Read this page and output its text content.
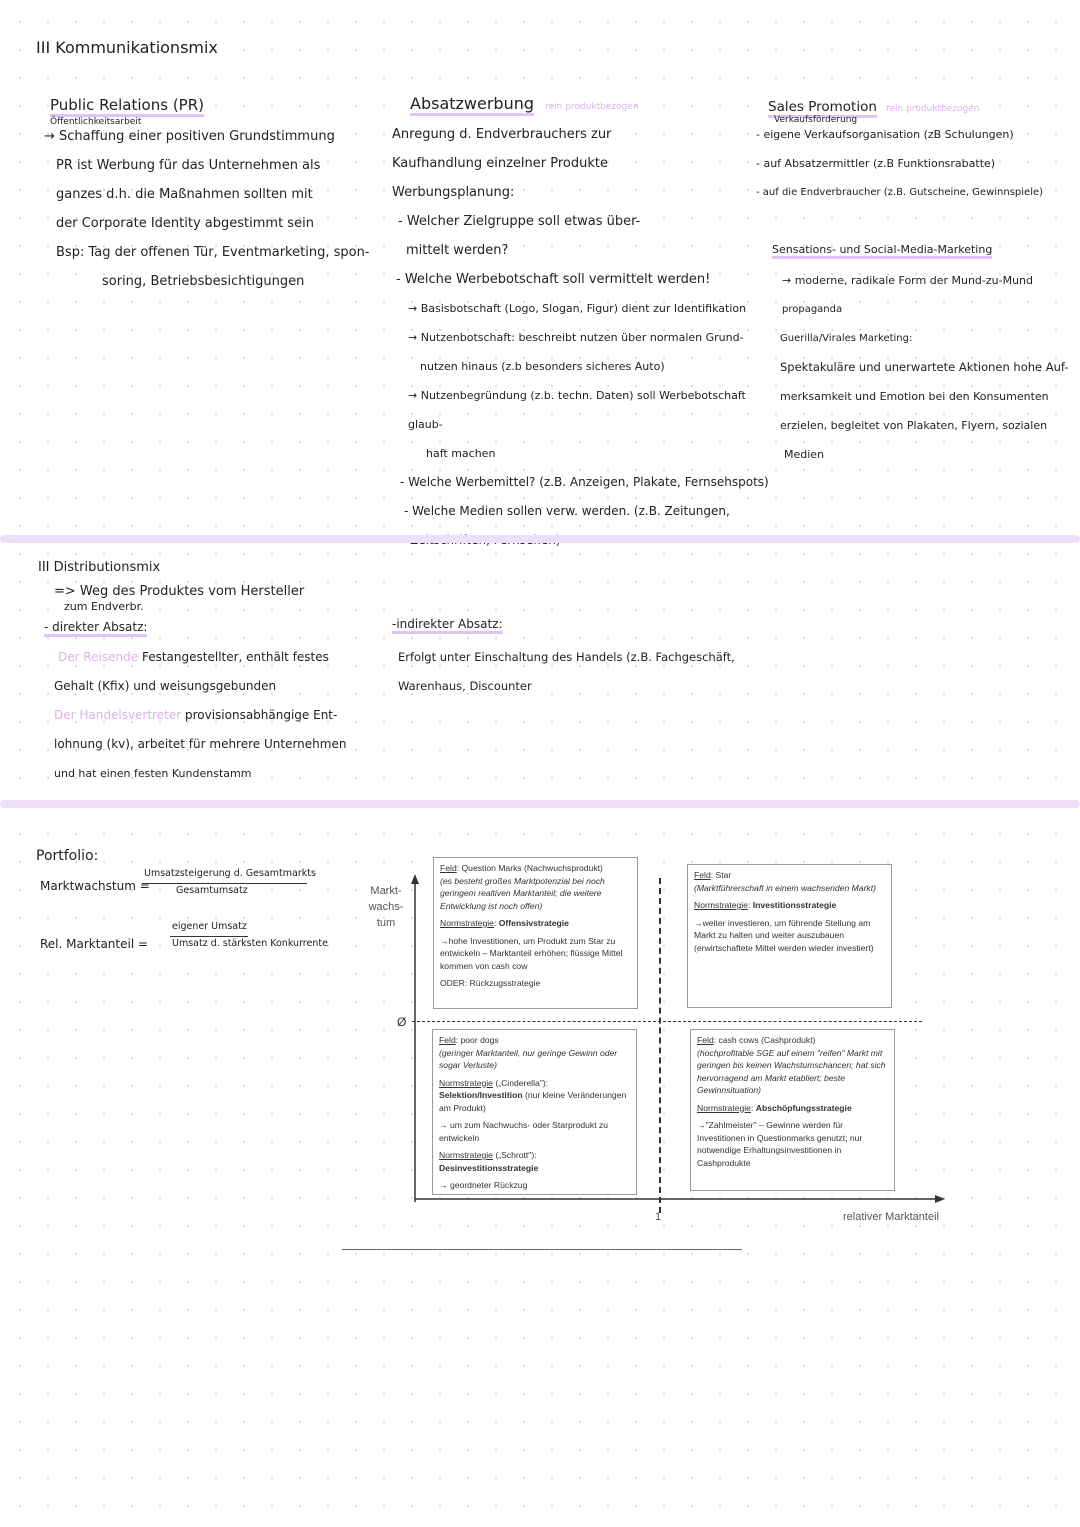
III Kommunikationsmix
Public Relations (PR)
Öffentlichkeitsarbeit
→ Schaffung einer positiven Grundstimmung
PR ist Werbung für das Unternehmen als
ganzes d.h. die Maßnahmen sollten mit
der Corporate Identity abgestimmt sein
Bsp: Tag der offenen Tür, Eventmarketing, spon-
soring, Betriebsbesichtigungen
Absatzwerbung rein produktbezogen
Anregung d. Endverbrauchers zur
Kaufhandlung einzelner Produkte
Werbungsplanung:
- Welcher Zielgruppe soll etwas über-
mittelt werden?
- Welche Werbebotschaft soll vermittelt werden!
→ Basisbotschaft (Logo, Slogan, Figur) dient zur Identifikation
→ Nutzenbotschaft: beschreibt nutzen über normalen Grund-
nutzen hinaus (z.b besonders sicheres Auto)
→ Nutzenbegründung (z.b. techn. Daten) soll Werbebotschaft glaub-
haft machen
- Welche Werbemittel? (z.B. Anzeigen, Plakate, Fernsehspots)
- Welche Medien sollen verw. werden. (z.B. Zeitungen,
Sales Promotion rein produktbezogen
Verkaufsförderung
- eigene Verkaufsorganisation (zB Schulungen)
- auf Absatzermittler (z.B Funktionsrabatte)
- auf die Endverbraucher (z.B. Gutscheine, Gewinnspiele)
Sensations- und Social-Media-Marketing
→ moderne, radikale Form der Mund-zu-Mund
propaganda
Guerilla/Virales Marketing:
Spektakuläre und unerwartete Aktionen hohe Auf-
merksamkeit und Emotion bei den Konsumenten
erzielen, begleitet von Plakaten, Flyern, sozialen
Medien
III Distributionsmix
=> Weg des Produktes vom Hersteller
zum Endverbr.
- direkter Absatz:
Der Reisende Festangestellter, enthält festes
Gehalt (Kfix) und weisungsgebunden
Der Handelsvertreter provisionsabhängige Ent-
lohnung (kv), arbeitet für mehrere Unternehmen
und hat einen festen Kundenstamm
-indirekter Absatz:
Erfolgt unter Einschaltung des Handels (z.B. Fachgeschäft,
Warenhaus, Discounter
Portfolio:
Marktwachstum =
Umsatzsteigerung d. Gesamtmarkts
Gesamtumsatz
Rel. Marktanteil =
eigener Umsatz
Umsatz d. stärksten Konkurrente
Markt-
wachs-
tum
Ø
1	relativer Marktanteil

Feld: Question Marks (Nachwuchsprodukt)
(es besteht großes Marktpotenzial bei noch geringem realtiven Marktanteil; die weitere Entwicklung ist noch offen)

Normstrategie: Offensivstrategie

→hohe Investitionen, um Produkt zum Star zu entwickeln – Marktanteil erhöhen; flüssige Mittel kommen von cash cow

ODER: Rückzugsstrategie

Feld: Star
(Marktführerschaft in einem wachsenden Markt)

Normstrategie: Investitionsstrategie

→weiter investieren, um führende Stellung am Markt zu halten und weiter auszubauen (erwirtschaftete Mittel werden wieder investiert)

Feld: poor dogs
(geringer Marktanteil, nur geringe Gewinn oder sogar Verluste)

Normstrategie („Cinderella"): Selektion/Investition (nur kleine Veränderungen am Produkt)

→ um zum Nachwuchs- oder Starprodukt zu entwickeln

Normstrategie („Schrott"): Desinvestitionsstrategie

→ geordneter Rückzug

Feld: cash cows (Cashprodukt)
(hochprofitable SGE auf einem "reifen" Markt mit geringen bis keinen Wachstumschancen; hat sich hervorragend am Markt etabliert; beste Gewinnsituation)

Normstrategie: Abschöpfungsstrategie

→"Zahlmeister" – Gewinne werden für Investitionen in Questionmarks genutzt; nur notwendige Erhaltungsinvestitionen in Cashprodukte
